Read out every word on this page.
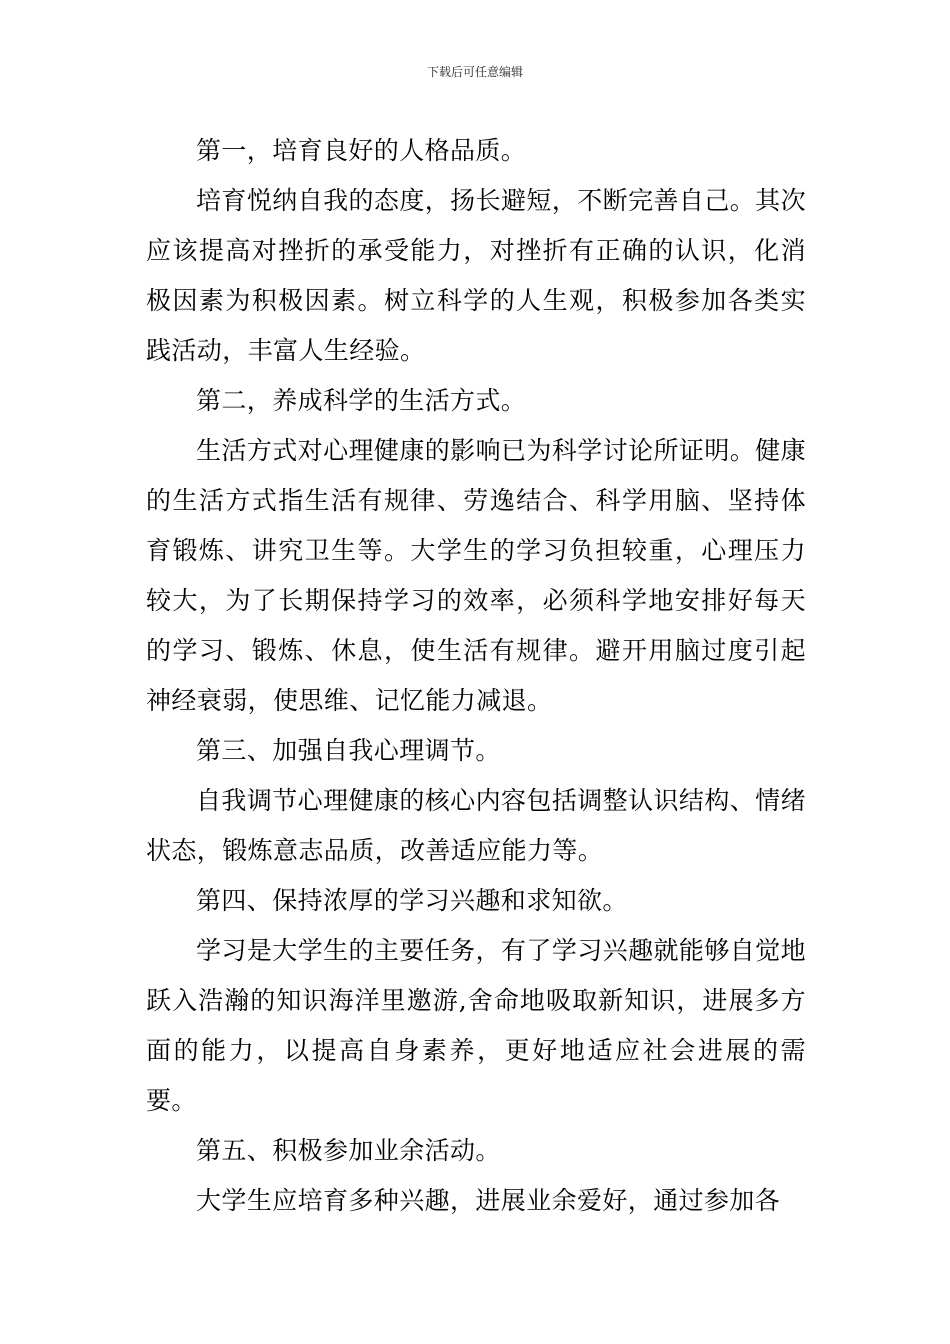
下载后可任意编辑

第一，培育良好的人格品质。

培育悦纳自我的态度，扬长避短，不断完善自己。其次应该提高对挫折的承受能力，对挫折有正确的认识，化消极因素为积极因素。树立科学的人生观，积极参加各类实践活动，丰富人生经验。

第二，养成科学的生活方式。

生活方式对心理健康的影响已为科学讨论所证明。健康的生活方式指生活有规律、劳逸结合、科学用脑、坚持体育锻炼、讲究卫生等。大学生的学习负担较重，心理压力较大，为了长期保持学习的效率，必须科学地安排好每天的学习、锻炼、休息，使生活有规律。避开用脑过度引起神经衰弱，使思维、记忆能力减退。

第三、加强自我心理调节。

自我调节心理健康的核心内容包括调整认识结构、情绪状态，锻炼意志品质，改善适应能力等。

第四、保持浓厚的学习兴趣和求知欲。

学习是大学生的主要任务，有了学习兴趣就能够自觉地跃入浩瀚的知识海洋里邀游,舍命地吸取新知识，进展多方面的能力，以提高自身素养，更好地适应社会进展的需要。

第五、积极参加业余活动。

大学生应培育多种兴趣，进展业余爱好，通过参加各
